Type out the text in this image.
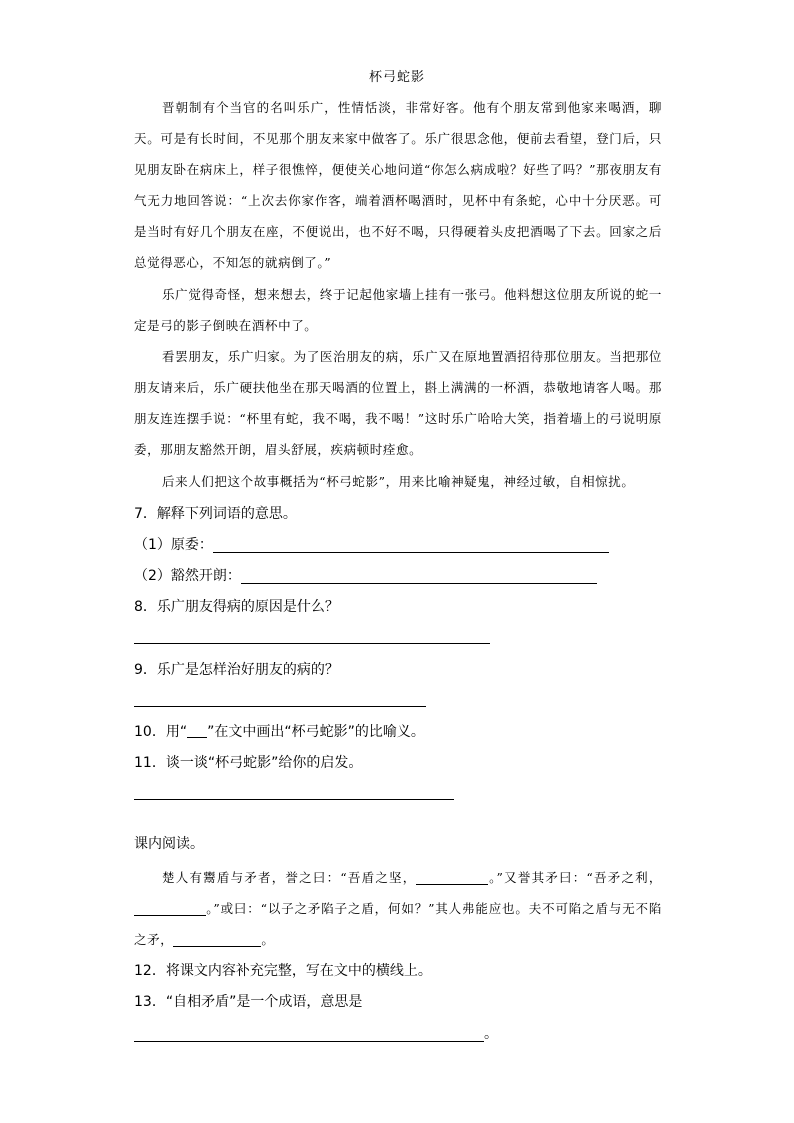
杯弓蛇影

晋朝制有个当官的名叫乐广，性情恬淡，非常好客。他有个朋友常到他家来喝酒，聊天。可是有长时间，不见那个朋友来家中做客了。乐广很思念他，便前去看望，登门后，只见朋友卧在病床上，样子很憔悴，便使关心地问道“你怎么病成啦？好些了吗？”那夜朋友有气无力地回答说：“上次去你家作客，端着酒杯喝酒时，见杯中有条蛇，心中十分厌恶。可是当时有好几个朋友在座，不便说出，也不好不喝，只得硬着头皮把酒喝了下去。回家之后总觉得恶心，不知怎的就病倒了。”

乐广觉得奇怪，想来想去，终于记起他家墙上挂有一张弓。他料想这位朋友所说的蛇一定是弓的影子倒映在酒杯中了。

看罢朋友，乐广归家。为了医治朋友的病，乐广又在原地置酒招待那位朋友。当把那位朋友请来后，乐广硬扶他坐在那天喝酒的位置上，斟上满满的一杯酒，恭敬地请客人喝。那朋友连连摆手说：“杯里有蛇，我不喝，我不喝！”这时乐广哈哈大笑，指着墙上的弓说明原委，那朋友豁然开朗，眉头舒展，疾病顿时痊愈。

后来人们把这个故事概括为“杯弓蛇影”，用来比喻神疑鬼，神经过敏，自相惊扰。

7．解释下列词语的意思。
（1）原委：
（2）豁然开朗：
8．乐广朋友得病的原因是什么？
9．乐广是怎样治好朋友的病的？
10．用“ ”在文中画出“杯弓蛇影”的比喻义。
11．谈一谈“杯弓蛇影”给你的启发。
课内阅读。

楚人有鬻盾与矛者，誉之曰：“吾盾之坚，	。”又誉其矛曰：“吾矛之利，。”或曰：“以子之矛陷子之盾，何如？”其人弗能应也。夫不可陷之盾与无不陷之矛，	。

12．将课文内容补充完整，写在文中的横线上。
13．“自相矛盾”是一个成语，意思是
。
